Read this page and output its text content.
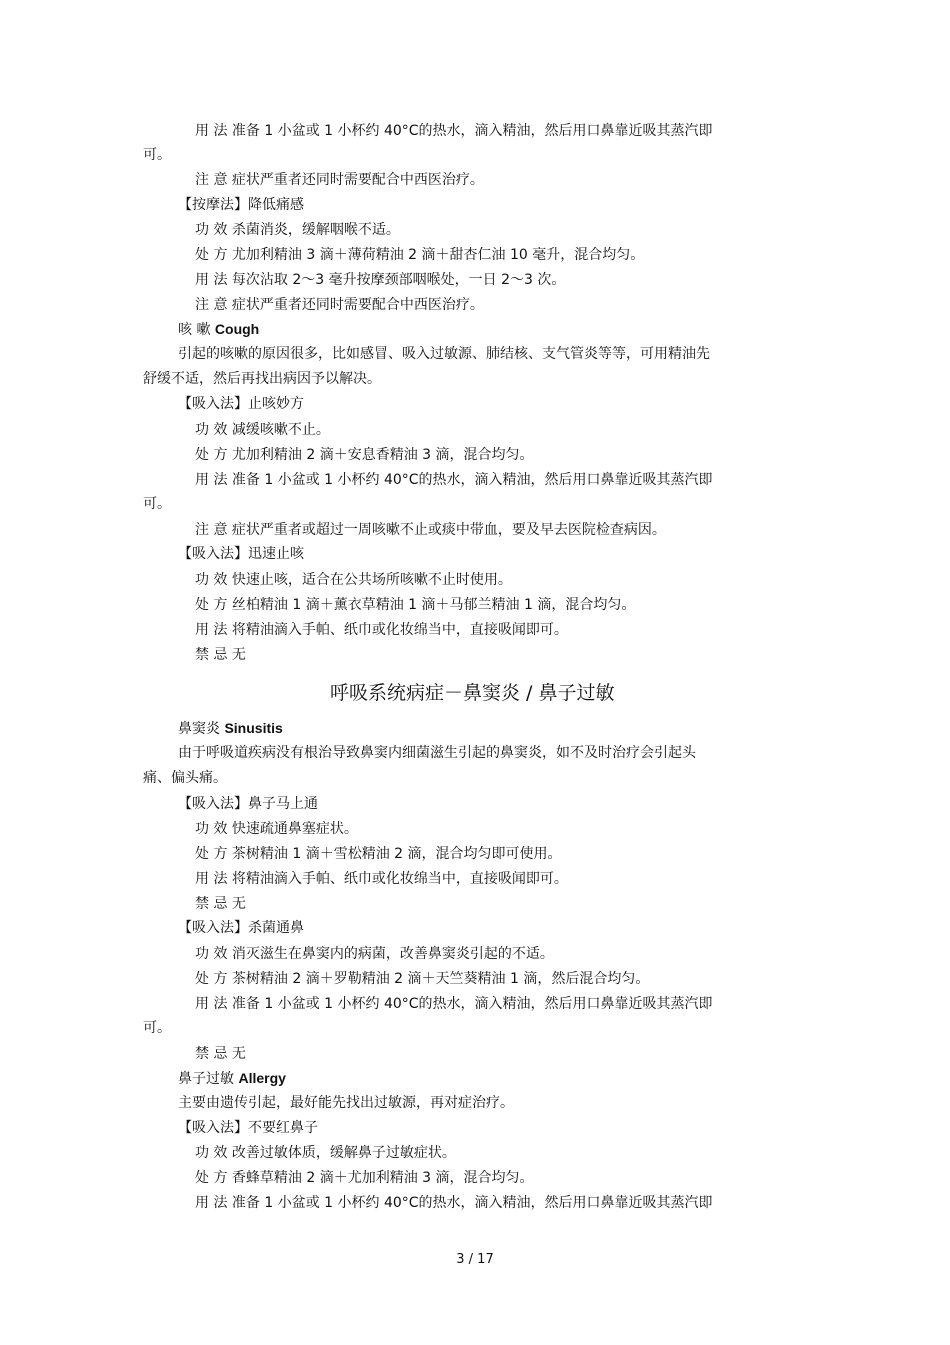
用 法 准备 1 小盆或 1 小杯约 40°C的热水，滴入精油，然后用口鼻靠近吸其蒸汽即
可。
注 意 症状严重者还同时需要配合中西医治疗。
【按摩法】降低痛感
功 效 杀菌消炎，缓解咽喉不适。
处 方 尤加利精油 3 滴＋薄荷精油 2 滴＋甜杏仁油 10 毫升，混合均匀。
用 法 每次沾取 2～3 毫升按摩颈部咽喉处，一日 2～3 次。
注 意 症状严重者还同时需要配合中西医治疗。
咳 嗽 Cough
引起的咳嗽的原因很多，比如感冒、吸入过敏源、肺结核、支气管炎等等，可用精油先
舒缓不适，然后再找出病因予以解决。
【吸入法】止咳妙方
功 效 减缓咳嗽不止。
处 方 尤加利精油 2 滴＋安息香精油 3 滴，混合均匀。
用 法 准备 1 小盆或 1 小杯约 40°C的热水，滴入精油，然后用口鼻靠近吸其蒸汽即
可。
注 意 症状严重者或超过一周咳嗽不止或痰中带血，要及早去医院检查病因。
【吸入法】迅速止咳
功 效 快速止咳，适合在公共场所咳嗽不止时使用。
处 方 丝柏精油 1 滴＋薰衣草精油 1 滴＋马郁兰精油 1 滴，混合均匀。
用 法 将精油滴入手帕、纸巾或化妆绵当中，直接吸闻即可。
禁 忌 无
呼吸系统病症－鼻窦炎 / 鼻子过敏
鼻窦炎 Sinusitis
由于呼吸道疾病没有根治导致鼻窦内细菌滋生引起的鼻窦炎，如不及时治疗会引起头
痛、偏头痛。
【吸入法】鼻子马上通
功 效 快速疏通鼻塞症状。
处 方 茶树精油 1 滴＋雪松精油 2 滴，混合均匀即可使用。
用 法 将精油滴入手帕、纸巾或化妆绵当中，直接吸闻即可。
禁 忌 无
【吸入法】杀菌通鼻
功 效 消灭滋生在鼻窦内的病菌，改善鼻窦炎引起的不适。
处 方 茶树精油 2 滴＋罗勒精油 2 滴＋天竺葵精油 1 滴，然后混合均匀。
用 法 准备 1 小盆或 1 小杯约 40°C的热水，滴入精油，然后用口鼻靠近吸其蒸汽即
可。
禁 忌 无
鼻子过敏 Allergy
主要由遗传引起，最好能先找出过敏源，再对症治疗。
【吸入法】不要红鼻子
功 效 改善过敏体质，缓解鼻子过敏症状。
处 方 香蜂草精油 2 滴＋尤加利精油 3 滴，混合均匀。
用 法 准备 1 小盆或 1 小杯约 40°C的热水，滴入精油，然后用口鼻靠近吸其蒸汽即
3 / 17
